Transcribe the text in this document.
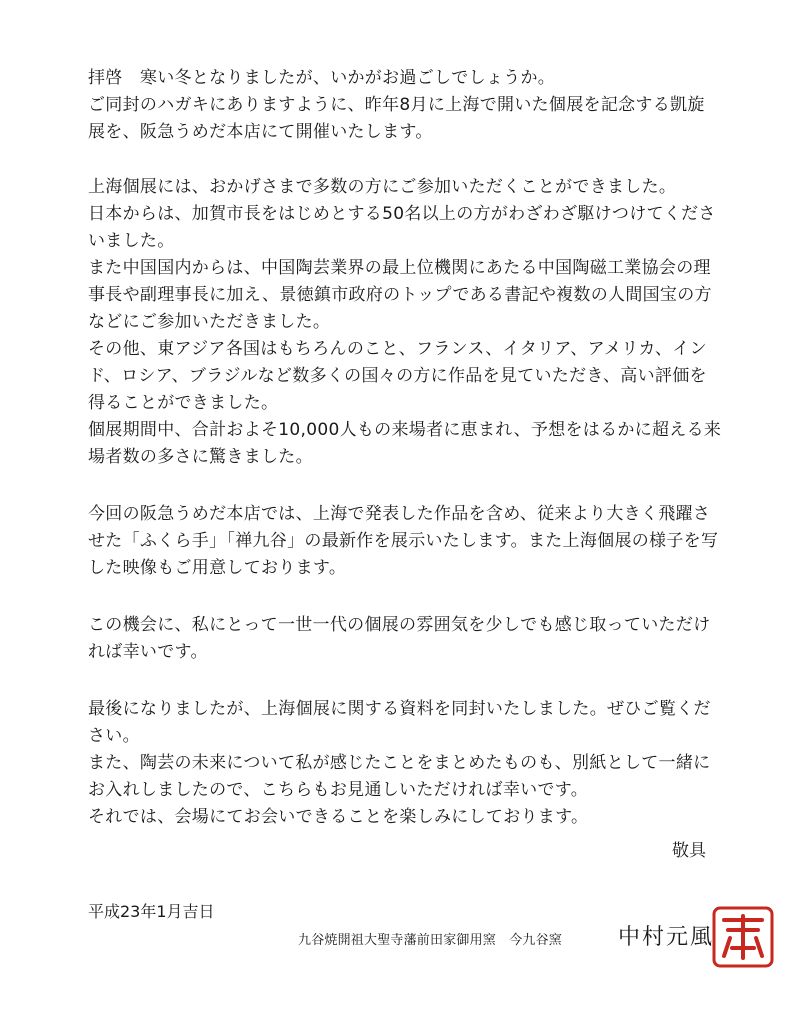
拝啓　寒い冬となりましたが、いかがお過ごしでしょうか。
ご同封のハガキにありますように、昨年8月に上海で開いた個展を記念する凱旋
展を、阪急うめだ本店にて開催いたします。
上海個展には、おかげさまで多数の方にご参加いただくことができました。
日本からは、加賀市長をはじめとする50名以上の方がわざわざ駆けつけてくださ
いました。
また中国国内からは、中国陶芸業界の最上位機関にあたる中国陶磁工業協会の理
事長や副理事長に加え、景徳鎮市政府のトップである書記や複数の人間国宝の方
などにご参加いただきました。
その他、東アジア各国はもちろんのこと、フランス、イタリア、アメリカ、イン
ド、ロシア、ブラジルなど数多くの国々の方に作品を見ていただき、高い評価を
得ることができました。
個展期間中、合計およそ10,000人もの来場者に恵まれ、予想をはるかに超える来
場者数の多さに驚きました。
今回の阪急うめだ本店では、上海で発表した作品を含め、従来より大きく飛躍さ
せた「ふくら手」「禅九谷」の最新作を展示いたします。また上海個展の様子を写
した映像もご用意しております。
この機会に、私にとって一世一代の個展の雰囲気を少しでも感じ取っていただけ
れば幸いです。
最後になりましたが、上海個展に関する資料を同封いたしました。ぜひご覧くだ
さい。
また、陶芸の未来について私が感じたことをまとめたものも、別紙として一緒に
お入れしましたので、こちらもお見通しいただければ幸いです。
それでは、会場にてお会いできることを楽しみにしております。
敬具
平成23年1月吉日
九谷焼開祖大聖寺藩前田家御用窯　今九谷窯	中村元風
